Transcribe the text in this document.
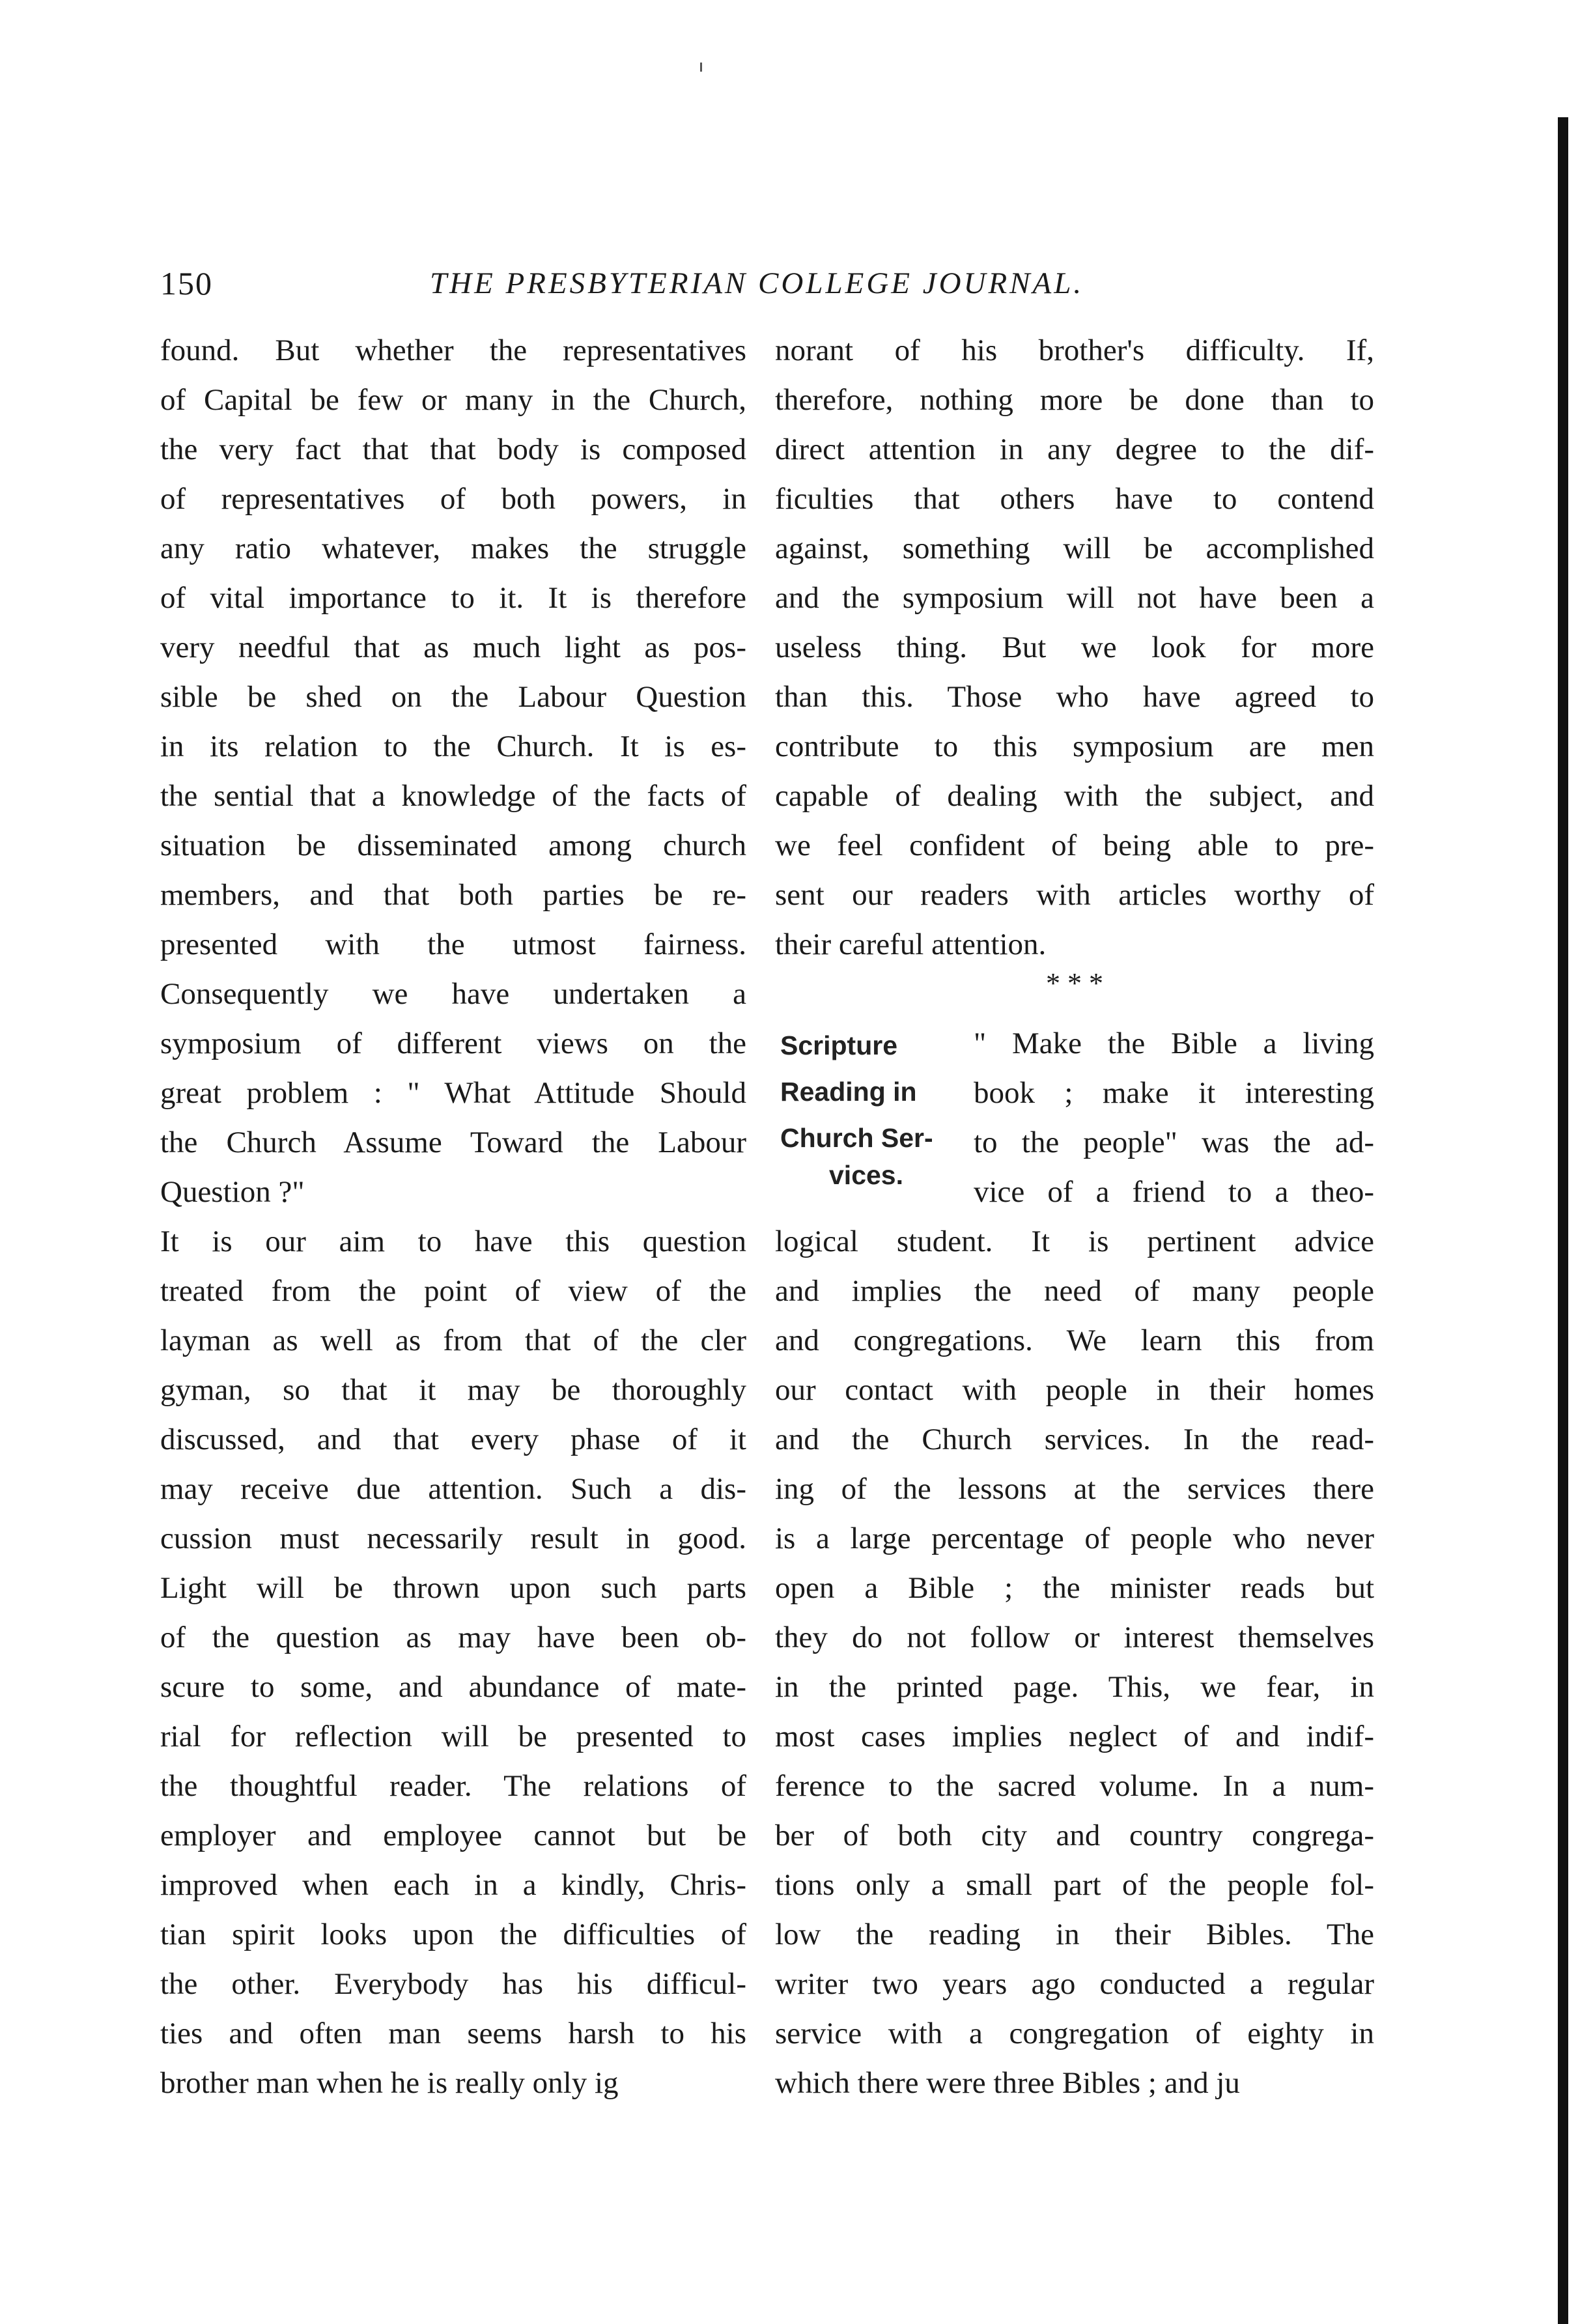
150	THE PRESBYTERIAN COLLEGE JOURNAL.
found. But whether the representatives
of Capital be few or many in the Church,
the very fact that that body is composed
of representatives of both powers, in
any ratio whatever, makes the struggle
of vital importance to it. It is therefore
very needful that as much light as pos-
sible be shed on the Labour Question
in its relation to the Church. It is es-
the sential that a knowledge of the facts of
situation be disseminated among church
members, and that both parties be re-
presented with the utmost fairness.
Consequently we have undertaken a
symposium of different views on the
great problem : " What Attitude Should
the Church Assume Toward the Labour
Question ?"
It is our aim to have this question
treated from the point of view of the
layman as well as from that of the cler
gyman, so that it may be thoroughly
discussed, and that every phase of it
may receive due attention. Such a dis-
cussion must necessarily result in good.
Light will be thrown upon such parts
of the question as may have been ob-
scure to some, and abundance of mate-
rial for reflection will be presented to
the thoughtful reader. The relations of
employer and employee cannot but be
improved when each in a kindly, Chris-
tian spirit looks upon the difficulties of
the other. Everybody has his difficul-
ties and often man seems harsh to his
brother man when he is really only ig
norant of his brother's difficulty. If,
therefore, nothing more be done than to
direct attention in any degree to the dif-
ficulties that others have to contend
against, something will be accomplished
and the symposium will not have been a
useless thing. But we look for more
than this. Those who have agreed to
contribute to this symposium are men
capable of dealing with the subject, and
we feel confident of being able to pre-
sent our readers with articles worthy of
their careful attention.
" Make the Bible a living
book ; make it interesting
to the people" was the ad-
vice of a friend to a theo-
logical student. It is pertinent advice
and implies the need of many people
and congregations. We learn this from
our contact with people in their homes
and the Church services. In the read-
ing of the lessons at the services there
is a large percentage of people who never
open a Bible ; the minister reads but
they do not follow or interest themselves
in the printed page. This, we fear, in
most cases implies neglect of and indif-
ference to the sacred volume. In a num-
ber of both city and country congrega-
tions only a small part of the people fol-
low the reading in their Bibles. The
writer two years ago conducted a regular
service with a congregation of eighty in
which there were three Bibles ; and ju
* * *
Scripture
Reading in
Church Ser-
vices.
